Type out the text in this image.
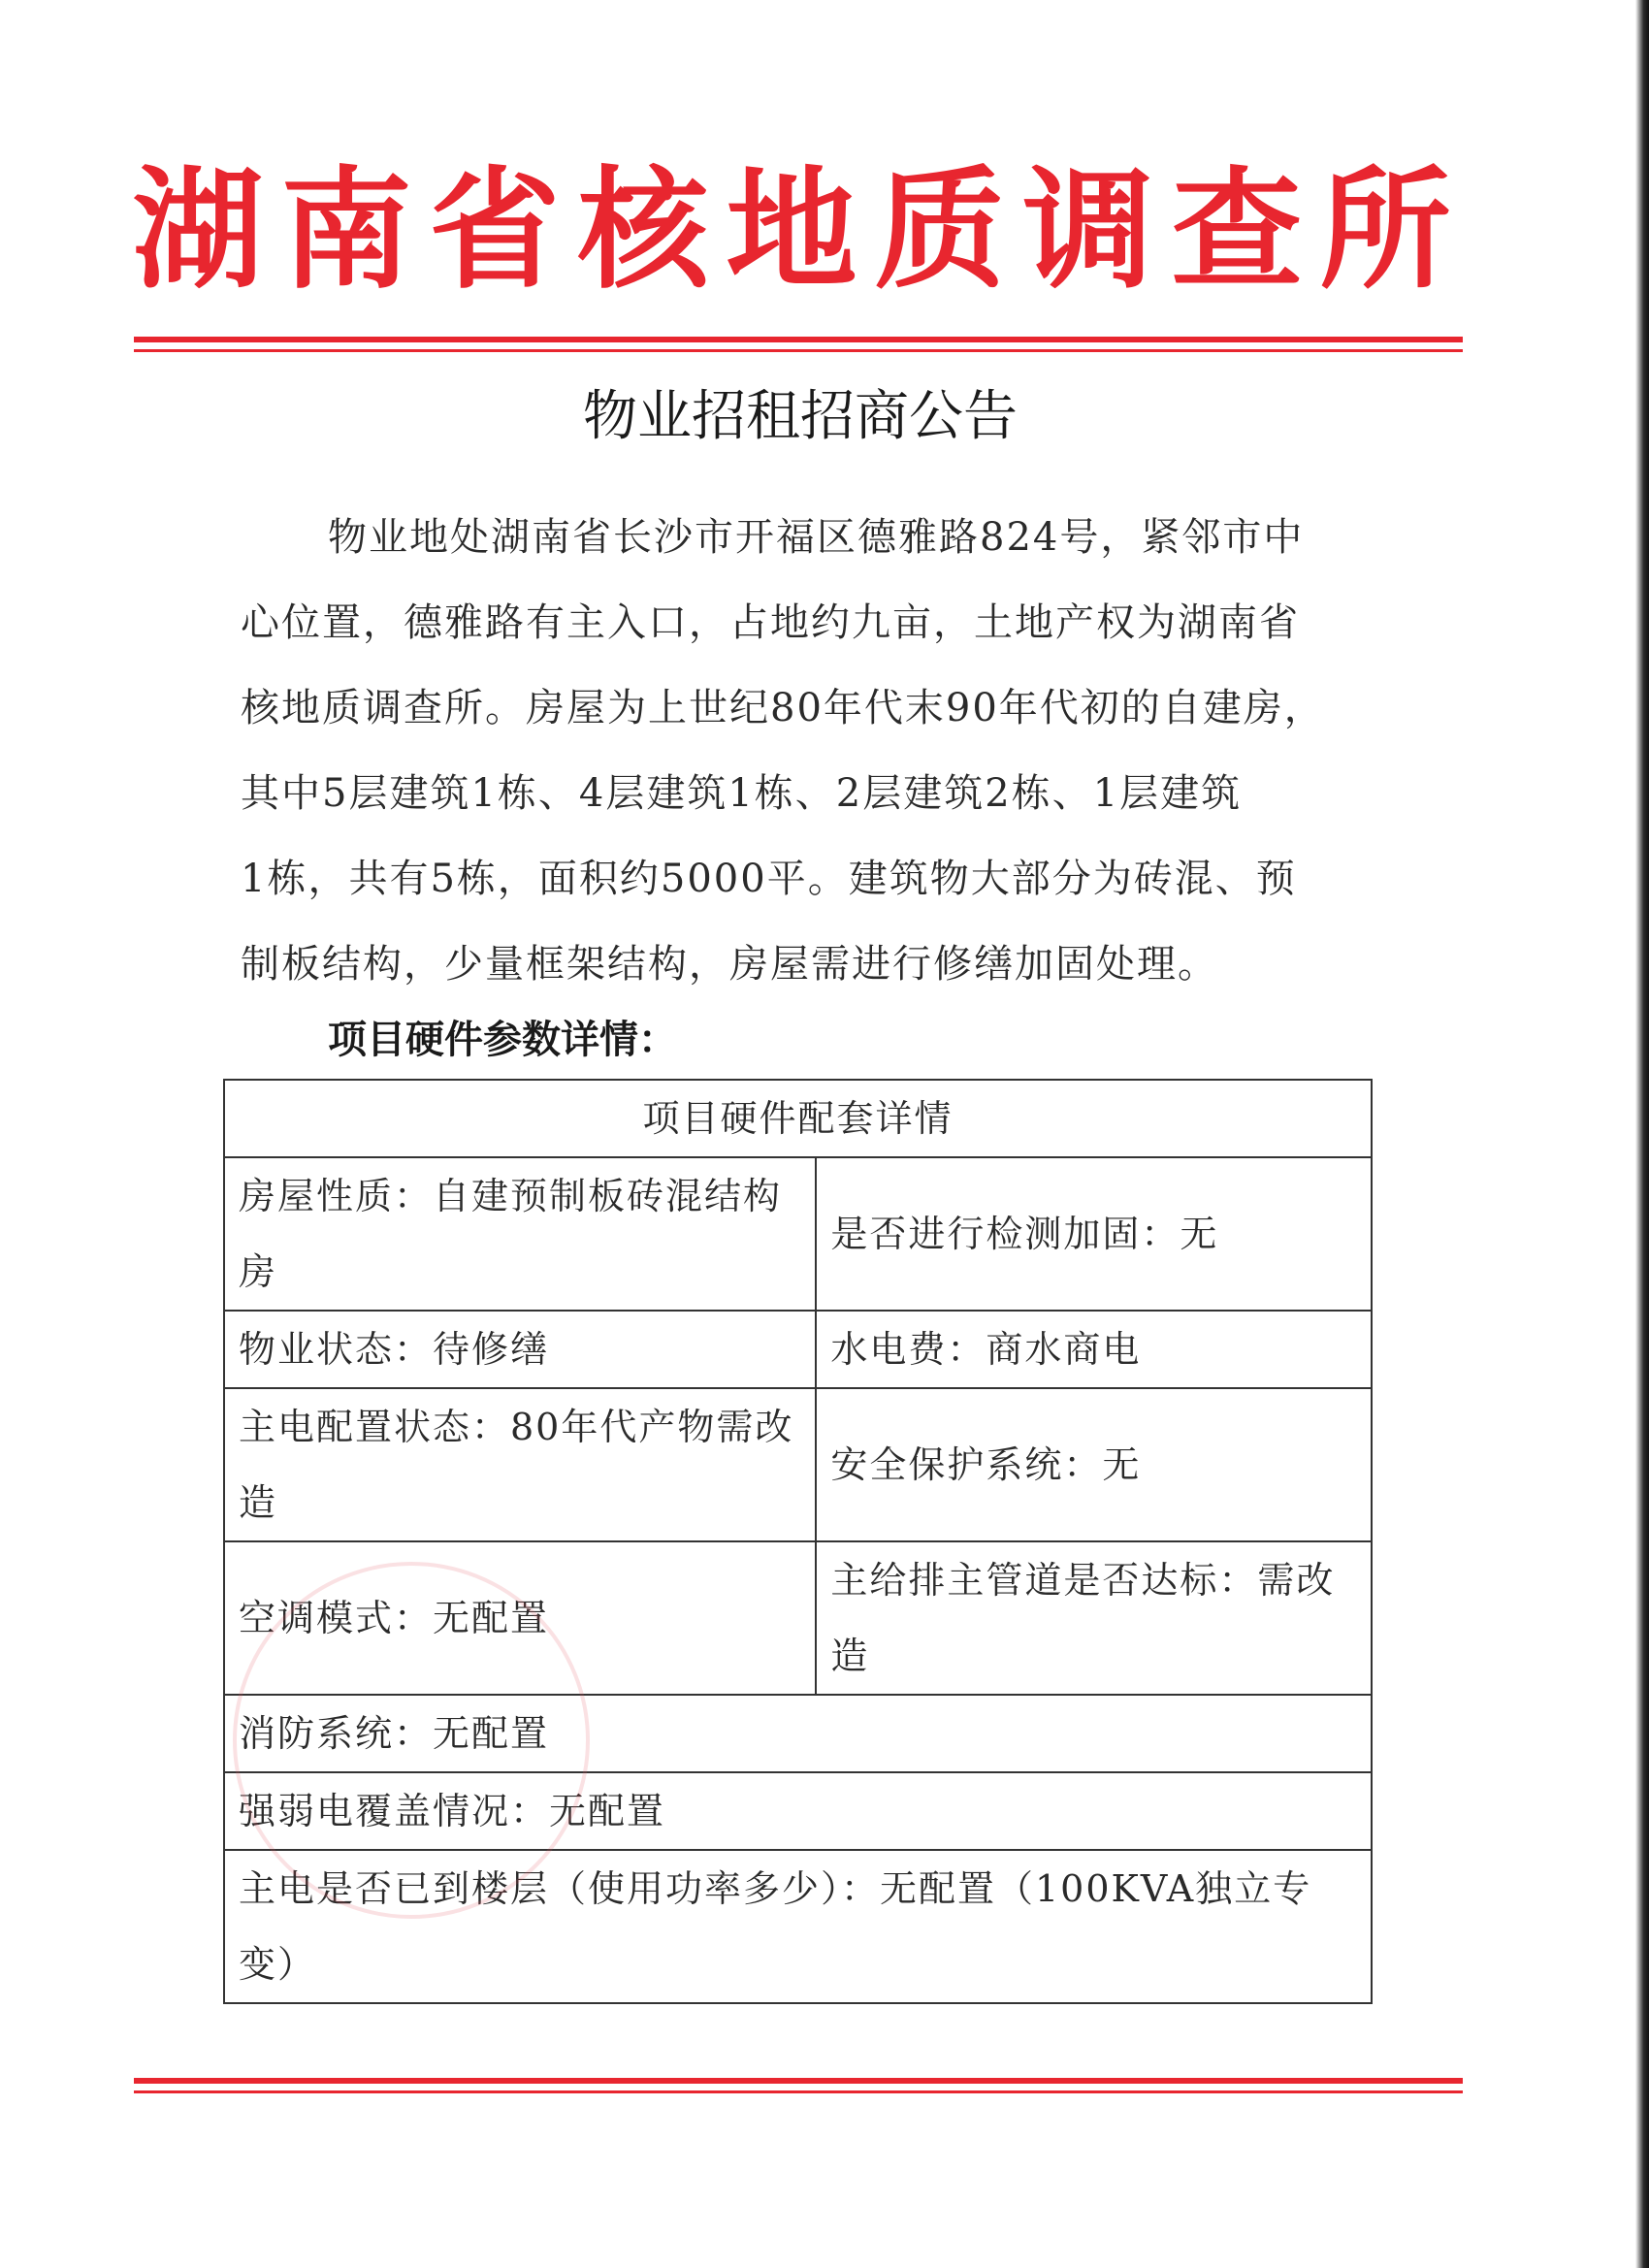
湖南省核地质调查所
物业招租招商公告
物业地处湖南省长沙市开福区德雅路824号，紧邻市中
心位置，德雅路有主入口，占地约九亩，土地产权为湖南省
核地质调查所。房屋为上世纪80年代末90年代初的自建房，
其中5层建筑1栋、4层建筑1栋、2层建筑2栋、1层建筑
1栋，共有5栋，面积约5000平。建筑物大部分为砖混、预
制板结构，少量框架结构，房屋需进行修缮加固处理。
项目硬件参数详情：
项目硬件配套详情	
房屋性质：自建预制板砖混结构房	是否进行检测加固：无
物业状态：待修缮	水电费：商水商电
主电配置状态：80年代产物需改造	安全保护系统：无
空调模式：无配置	主给排主管道是否达标：需改造
消防系统：无配置	
强弱电覆盖情况：无配置	
主电是否已到楼层（使用功率多少）：无配置（100KVA独立专变）	
